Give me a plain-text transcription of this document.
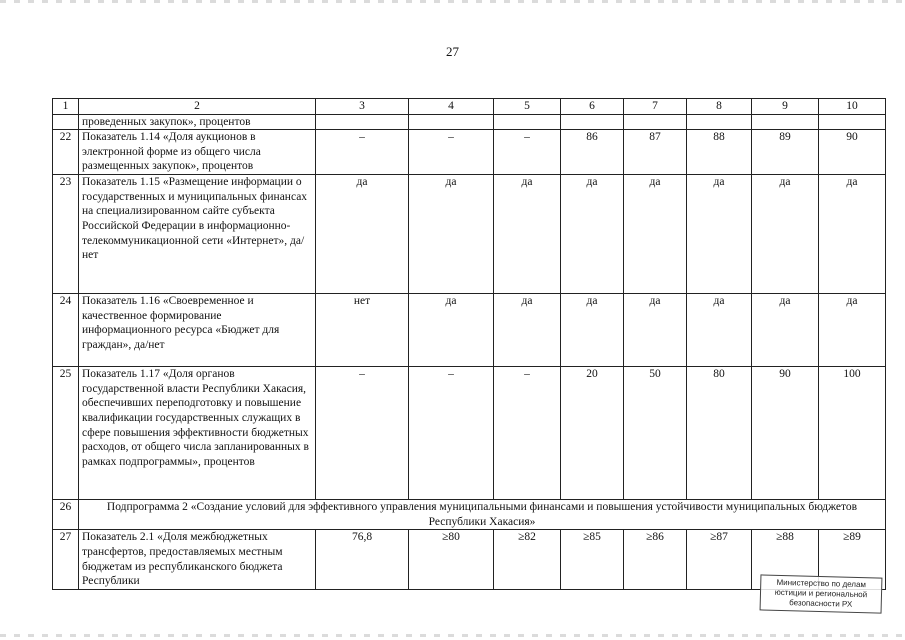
27
1	2	3	4	5	6	7	8	9	10
	проведенных закупок», процентов								
22	Показатель 1.14 «Доля аукционов в электронной форме из общего числа размещенных закупок», процентов	–	–	–	86	87	88	89	90
23	Показатель 1.15 «Размещение информации о государственных и муниципальных финансах на специализированном сайте субъекта Российской Федерации в информационно-телекоммуникационной сети «Интернет», да/нет	да	да	да	да	да	да	да	да
24	Показатель 1.16 «Своевременное и качественное формирование информационного ресурса «Бюджет для граждан», да/нет	нет	да	да	да	да	да	да	да
25	Показатель 1.17 «Доля органов государственной власти Республики Хакасия, обеспечивших переподготовку и повышение квалификации государственных служащих в сфере повышения эффективности бюджетных расходов, от общего числа запланированных в рамках подпрограммы», процентов	–	–	–	20	50	80	90	100
26	Подпрограмма 2 «Создание условий для эффективного управления муниципальными финансами и повышения устойчивости муниципальных бюджетов Республики Хакасия»								
27	Показатель 2.1 «Доля межбюджетных трансфертов, предоставляемых местным бюджетам из республиканского бюджета Республики	76,8	≥80	≥82	≥85	≥86	≥87	≥88	≥89
Министерство по делам
юстиции и региональной
безопасности РХ
